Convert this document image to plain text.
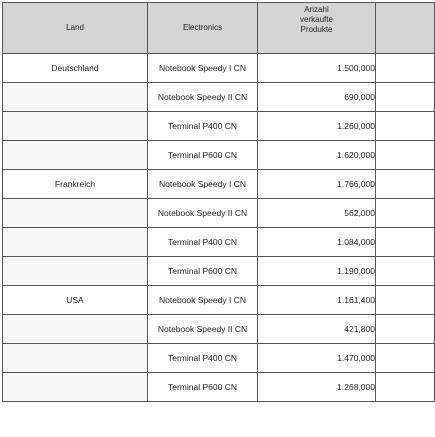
Land	Electronics	Anzahl
verkaufte
Produkte	

Deutschland	Notebook Speedy I CN	1.500,000	
	Notebook Speedy II CN	690,000	
	Terminal P400 CN	1.260,000	
	Terminal P600 CN	1.620,000	
Frankreich	Notebook Speedy I CN	1.766,000	
	Notebook Speedy II CN	562,000	
	Terminal P400 CN	1.084,000	
	Terminal P600 CN	1.190,000	
USA	Notebook Speedy I CN	1.161,400	
	Notebook Speedy II CN	421,800	
	Terminal P400 CN	1.470,000	
	Terminal P600 CN	1.268,000	
